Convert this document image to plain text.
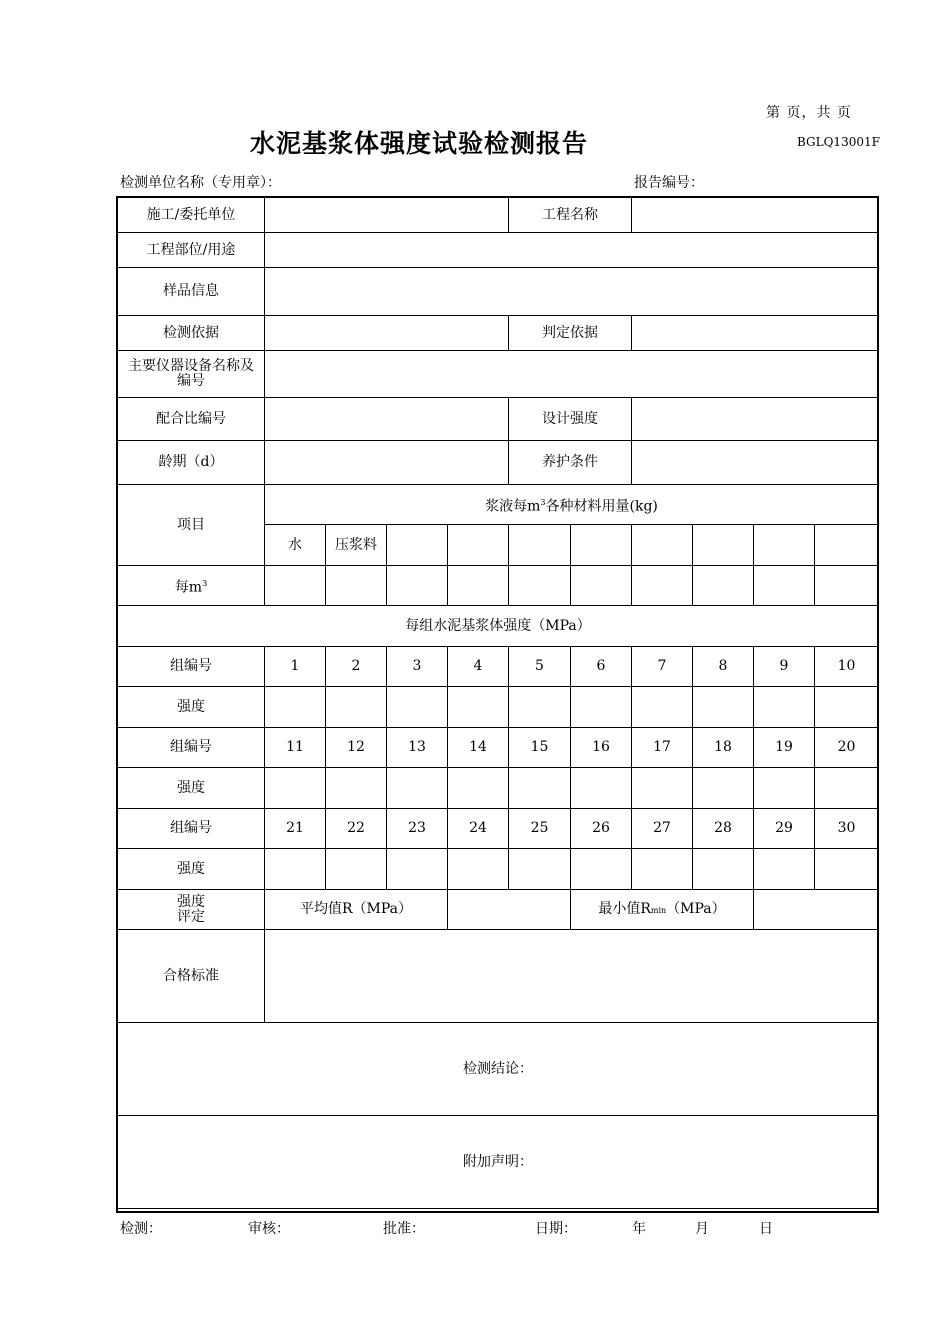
第 页，共 页
水泥基浆体强度试验检测报告	BGLQ13001F
检测单位名称（专用章）：	报告编号：
施工/委托单位					工程名称					
工程部位/用途										
样品信息										
检测依据					判定依据					

主要仪器设备名称及
编号										

配合比编号					设计强度					
龄期（d）					养护条件					
项目	浆液每$m^3$各种材料用量(kg)									
	水	压浆料								
每$m^3$										
每组水泥基浆体强度（MPa）										
组编号	1	2	3	4	5	6	7	8	9	10
强度										
组编号	11	12	13	14	15	16	17	18	19	20
强度										
组编号	21	22	23	24	25	26	27	28	29	30
强度										

强度
评定	平均值R（MPa）					最小值Rmin（MPa）				
合格标准										
检测结论：										
附加声明：										
检测：	审核：	批准：	日期：	年	月	日
